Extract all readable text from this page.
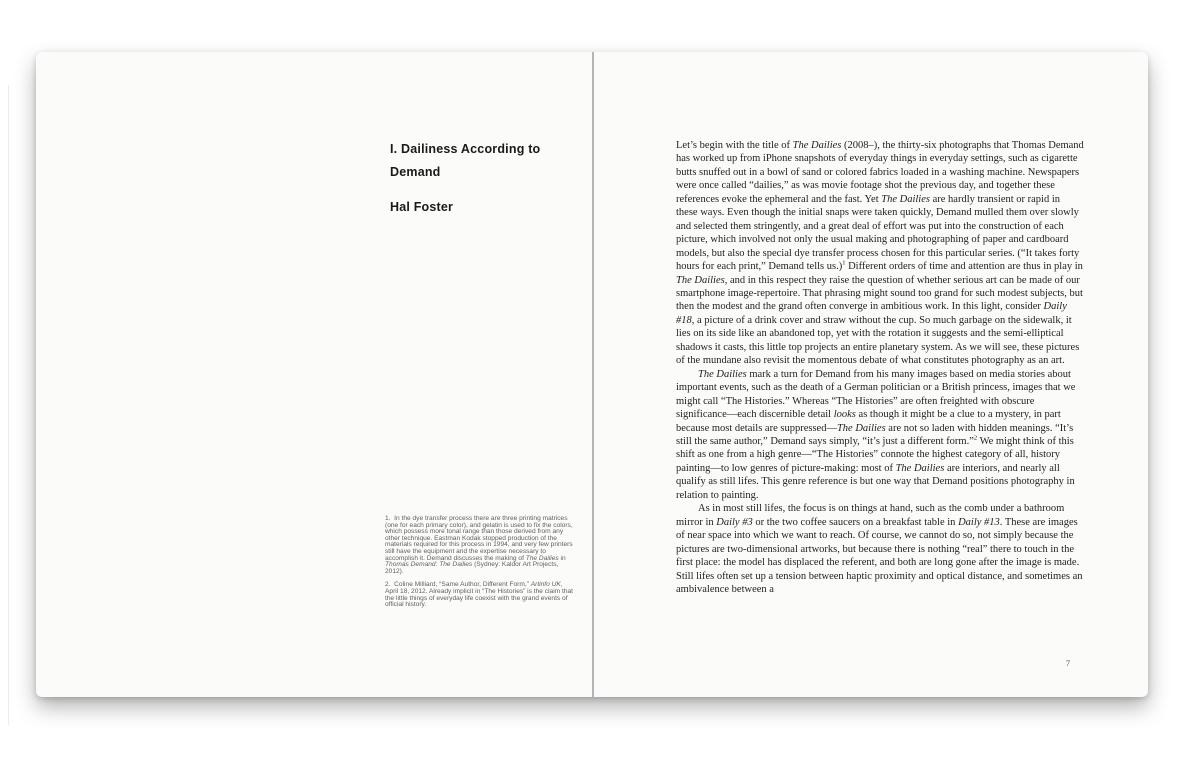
I. Dailiness According to Demand
Hal Foster
1.  In the dye transfer process there are three printing matrices (one for each primary color), and gelatin is used to fix the colors, which possess more tonal range than those derived from any other technique. Eastman Kodak stopped production of the materials required for this process in 1994, and very few printers still have the equipment and the expertise necessary to accomplish it. Demand discusses the making of The Dailies in Thomas Demand: The Dailies (Sydney: Kaldor Art Projects, 2012).
2.  Coline Milliard, “Same Author, Different Form,” Artinfo UK, April 18, 2012. Already implicit in “The Histories” is the claim that the little things of everyday life coexist with the grand events of official history.

Let’s begin with the title of The Dailies (2008–), the thirty-six photographs that Thomas Demand has worked up from iPhone snapshots of everyday things in everyday settings, such as cigarette butts snuffed out in a bowl of sand or colored fabrics loaded in a washing machine. Newspapers were once called “dailies,” as was movie footage shot the previous day, and together these references evoke the ephemeral and the fast. Yet The Dailies are hardly transient or rapid in these ways. Even though the initial snaps were taken quickly, Demand mulled them over slowly and selected them stringently, and a great deal of effort was put into the construction of each picture, which involved not only the usual making and photographing of paper and cardboard models, but also the special dye transfer process chosen for this particular series. (“It takes forty hours for each print,” Demand tells us.)$^1$ Different orders of time and attention are thus in play in The Dailies, and in this respect they raise the question of whether serious art can be made of our smartphone image-repertoire. That phrasing might sound too grand for such modest subjects, but then the modest and the grand often converge in ambitious work. In this light, consider Daily #18, a picture of a drink cover and straw without the cup. So much garbage on the sidewalk, it lies on its side like an abandoned top, yet with the rotation it suggests and the semi-elliptical shadows it casts, this little top projects an entire planetary system. As we will see, these pictures of the mundane also revisit the momentous debate of what constitutes photography as an art.

The Dailies mark a turn for Demand from his many images based on media stories about important events, such as the death of a German politician or a British princess, images that we might call “The Histories.” Whereas “The Histories” are often freighted with obscure significance—each discernible detail looks as though it might be a clue to a mystery, in part because most details are suppressed—The Dailies are not so laden with hidden meanings. “It’s still the same author,” Demand says simply, “it’s just a different form.”$^2$ We might think of this shift as one from a high genre—“The Histories” connote the highest category of all, history painting—to low genres of picture-making: most of The Dailies are interiors, and nearly all qualify as still lifes. This genre reference is but one way that Demand positions photography in relation to painting.

As in most still lifes, the focus is on things at hand, such as the comb under a bathroom mirror in Daily #3 or the two coffee saucers on a breakfast table in Daily #13. These are images of near space into which we want to reach. Of course, we cannot do so, not simply because the pictures are two-dimensional artworks, but because there is nothing “real” there to touch in the first place: the model has displaced the referent, and both are long gone after the image is made. Still lifes often set up a tension between haptic proximity and optical distance, and sometimes an ambivalence between a

7
